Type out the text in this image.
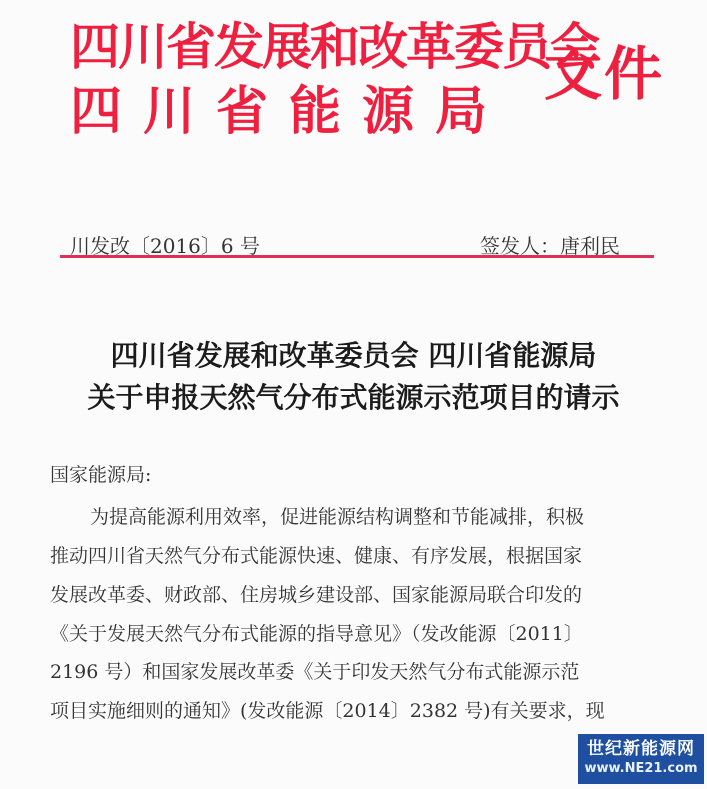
四川省发展和改革委员会
四川省能源局
文件
川发改〔2016〕6 号	签发人：唐利民
四川省发展和改革委员会 四川省能源局
关于申报天然气分布式能源示范项目的请示
国家能源局:
为提高能源利用效率，促进能源结构调整和节能减排，积极
推动四川省天然气分布式能源快速、健康、有序发展，根据国家
发展改革委、财政部、住房城乡建设部、国家能源局联合印发的
《关于发展天然气分布式能源的指导意见》（发改能源〔2011〕
2196 号）和国家发展改革委《关于印发天然气分布式能源示范
项目实施细则的通知》(发改能源〔2014〕2382 号)有关要求，现
世纪新能源网
www.NE21.com
